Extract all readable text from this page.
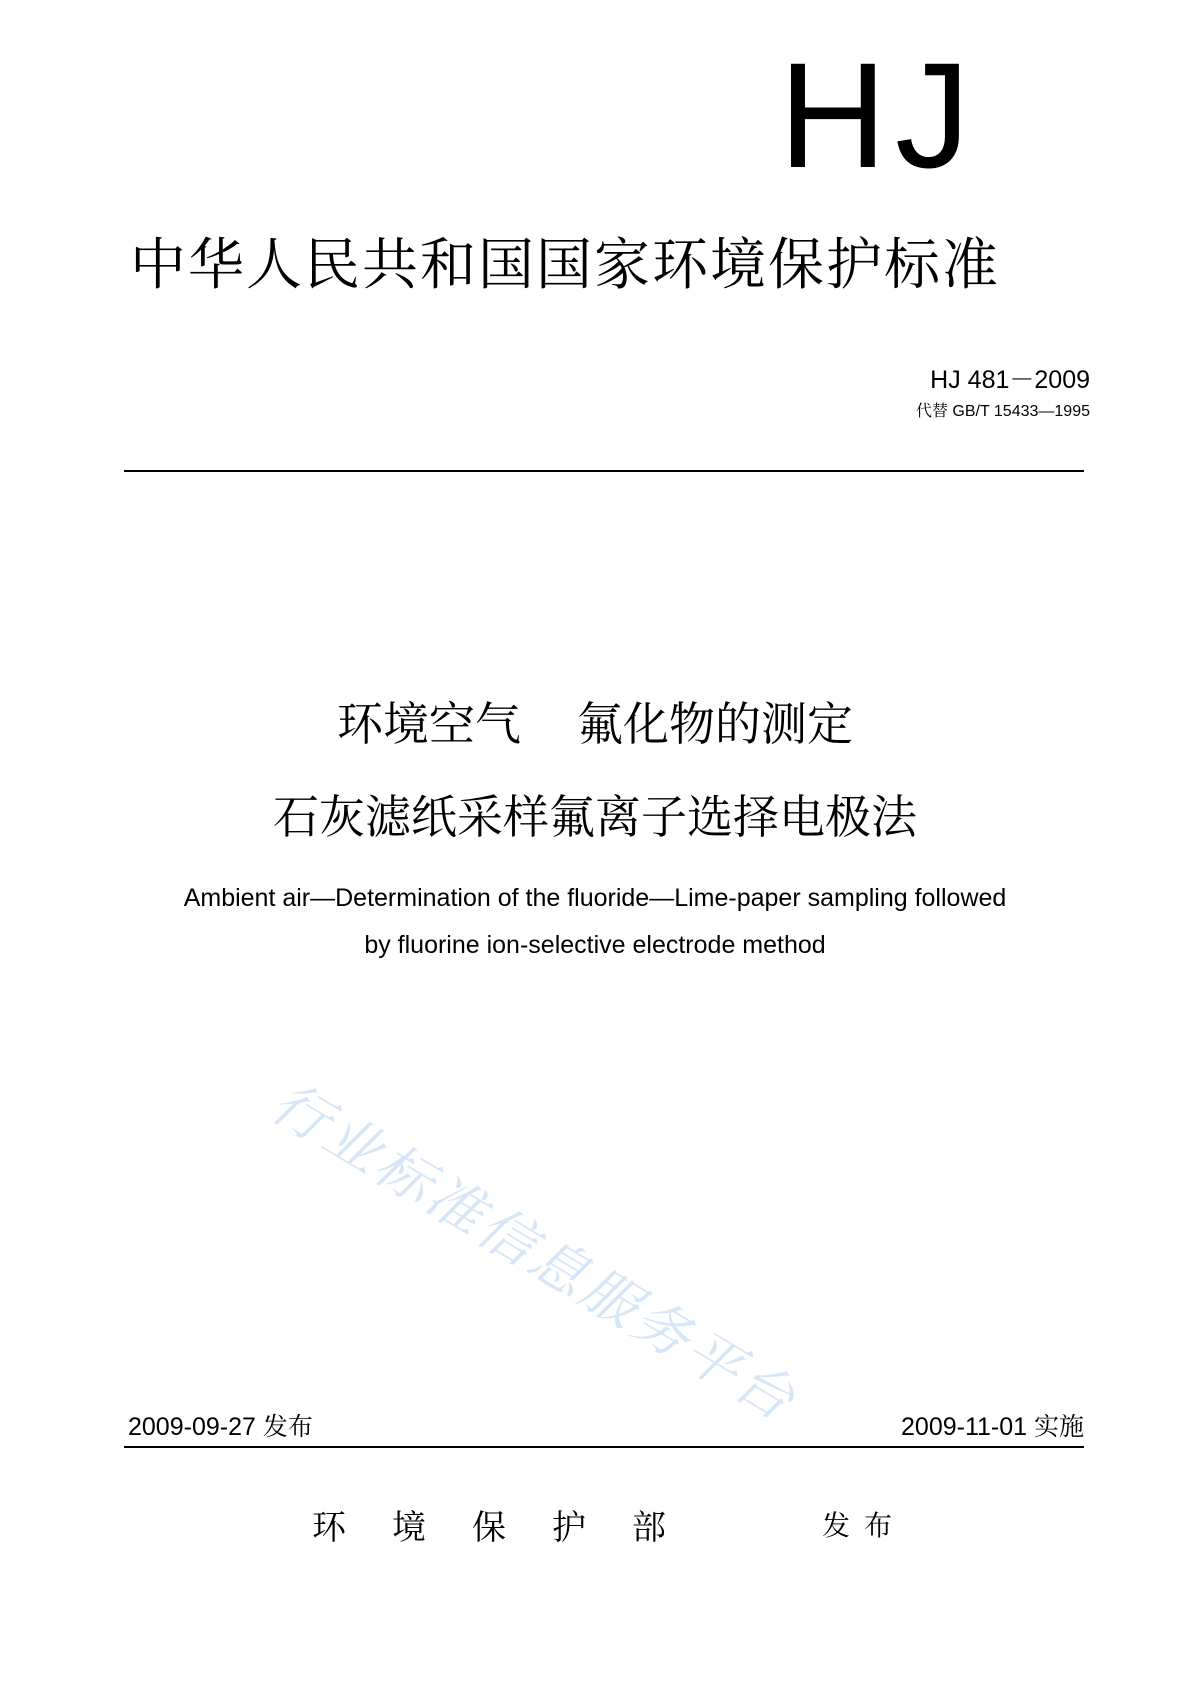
HJ
中华人民共和国国家环境保护标准
HJ 481－2009
代替 GB/T 15433—1995
环境空气 氟化物的测定
石灰滤纸采样氟离子选择电极法
Ambient air—Determination of the fluoride—Lime-paper sampling followed
by fluorine ion-selective electrode method
行业标准信息服务平台
2009-09-27 发布	2009-11-01 实施
环境保护部	发布
